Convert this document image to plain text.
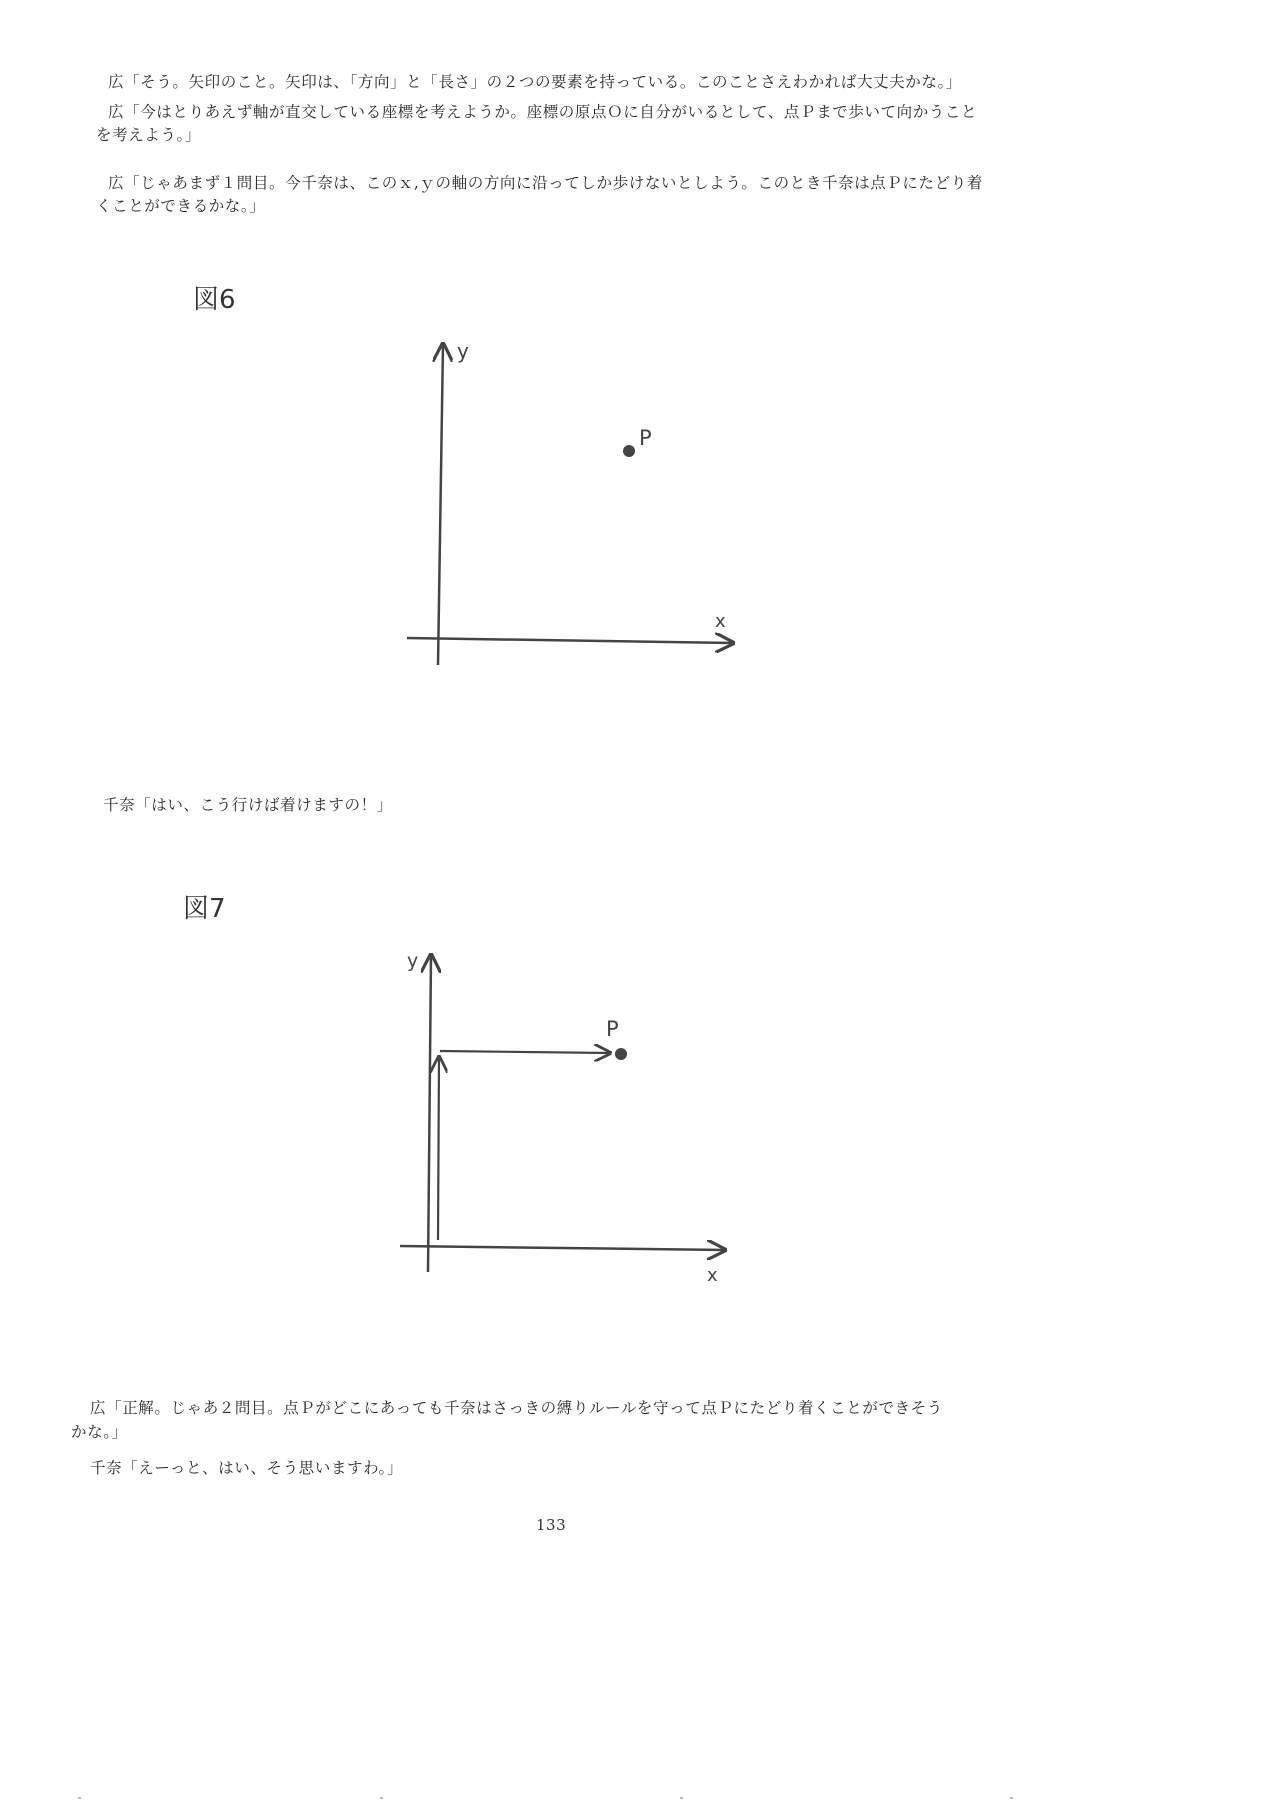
広「そう。矢印のこと。矢印は、「方向」と「長さ」の２つの要素を持っている。このことさえわかれば大丈夫かな。」
広「今はとりあえず軸が直交している座標を考えようか。座標の原点Ｏに自分がいるとして、点Ｐまで歩いて向かうこと
を考えよう。」
広「じゃあまず１問目。今千奈は、このｘ,ｙの軸の方向に沿ってしか歩けないとしよう。このとき千奈は点Ｐにたどり着
くことができるかな。」
図6
y
x
P
千奈「はい、こう行けば着けますの！」
図7
y
x
P
広「正解。じゃあ２問目。点Ｐがどこにあっても千奈はさっきの縛りルールを守って点Ｐにたどり着くことができそう
かな。」
千奈「えーっと、はい、そう思いますわ。」
133
